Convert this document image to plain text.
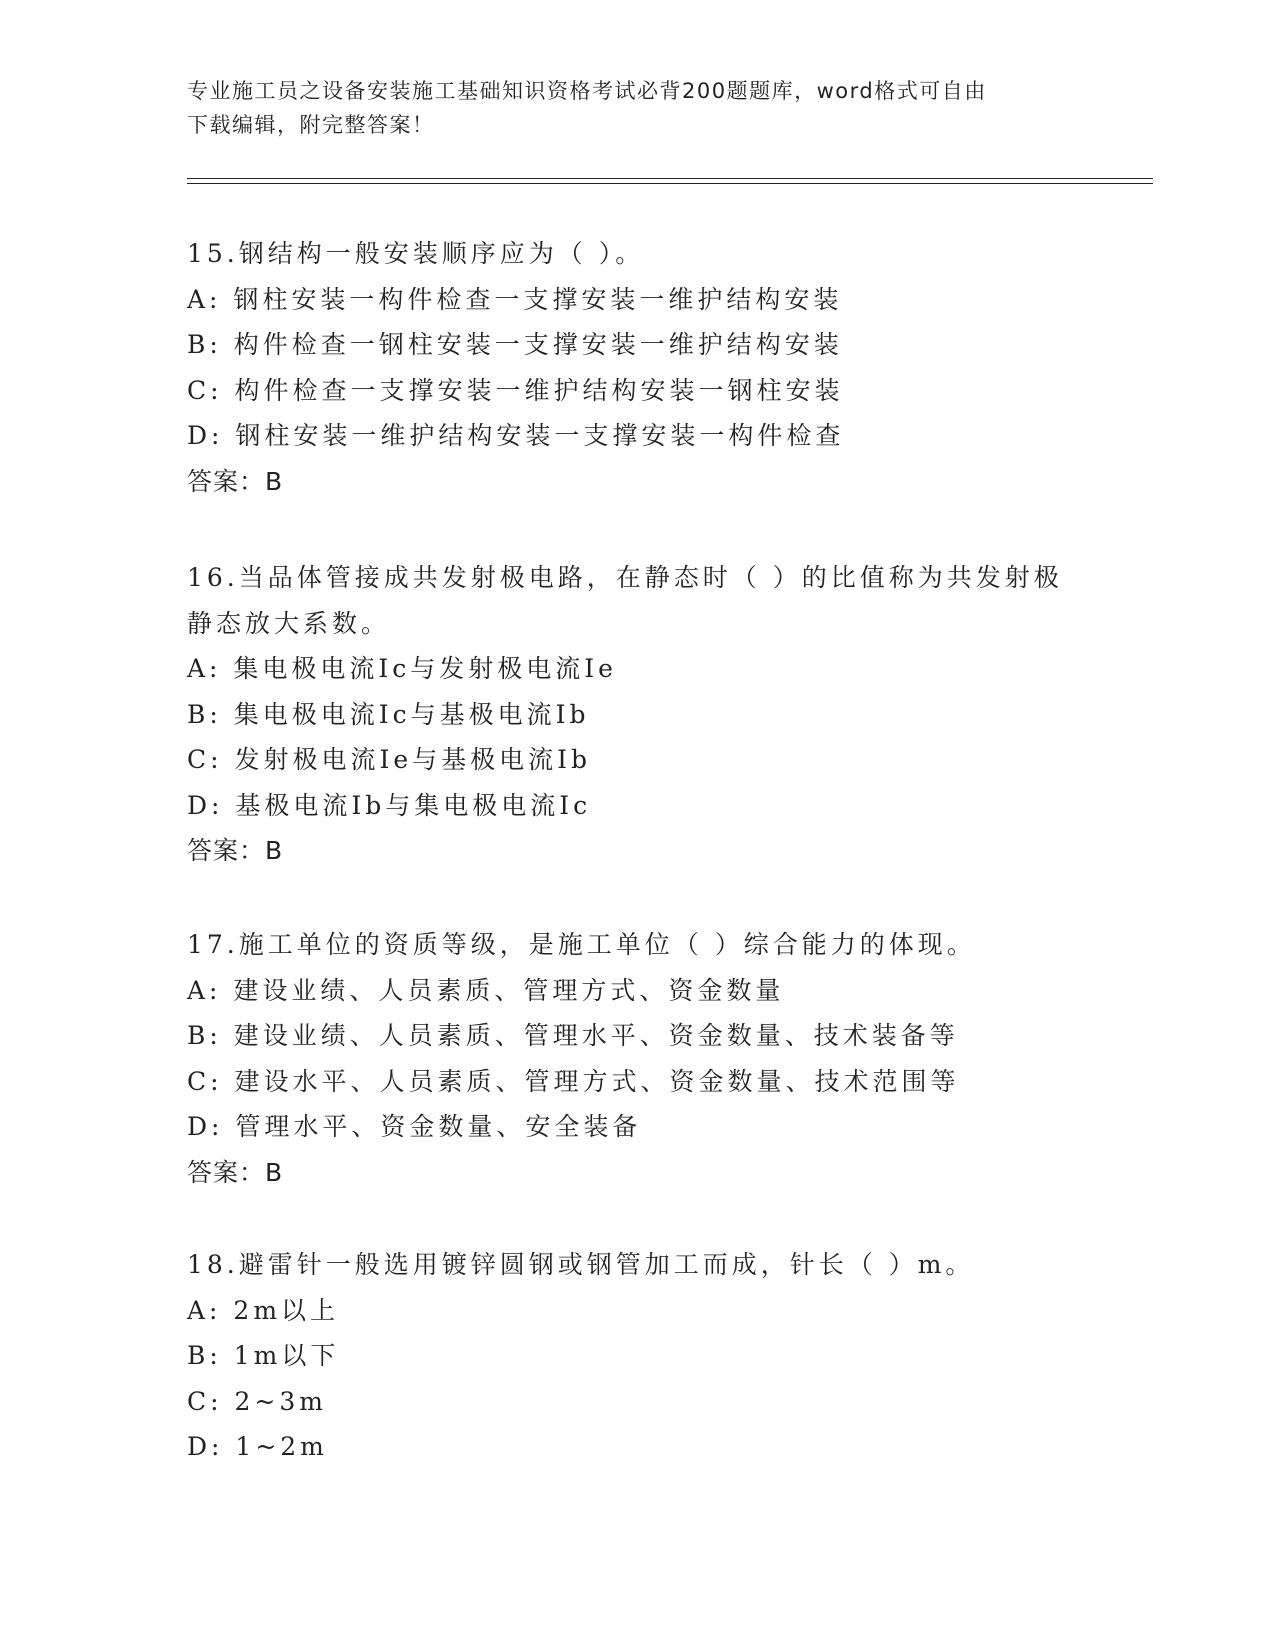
专业施工员之设备安装施工基础知识资格考试必背200题题库，word格式可自由
下载编辑，附完整答案！
15.钢结构一般安装顺序应为（ ）。
A: 钢柱安装一构件检查一支撑安装一维护结构安装
B: 构件检查一钢柱安装一支撑安装一维护结构安装
C: 构件检查一支撑安装一维护结构安装一钢柱安装
D: 钢柱安装一维护结构安装一支撑安装一构件检查
答案：B
16.当品体管接成共发射极电路，在静态时（ ）的比值称为共发射极
静态放大系数。
A: 集电极电流Ic与发射极电流Ie
B: 集电极电流Ic与基极电流Ib
C: 发射极电流Ie与基极电流Ib
D: 基极电流Ib与集电极电流Ic
答案：B
17.施工单位的资质等级，是施工单位（ ）综合能力的体现。
A: 建设业绩、人员素质、管理方式、资金数量
B: 建设业绩、人员素质、管理水平、资金数量、技术装备等
C: 建设水平、人员素质、管理方式、资金数量、技术范围等
D: 管理水平、资金数量、安全装备
答案：B
18.避雷针一般选用镀锌圆钢或钢管加工而成，针长（ ）m。
A: 2m以上
B: 1m以下
C: 2~3m
D: 1~2m
